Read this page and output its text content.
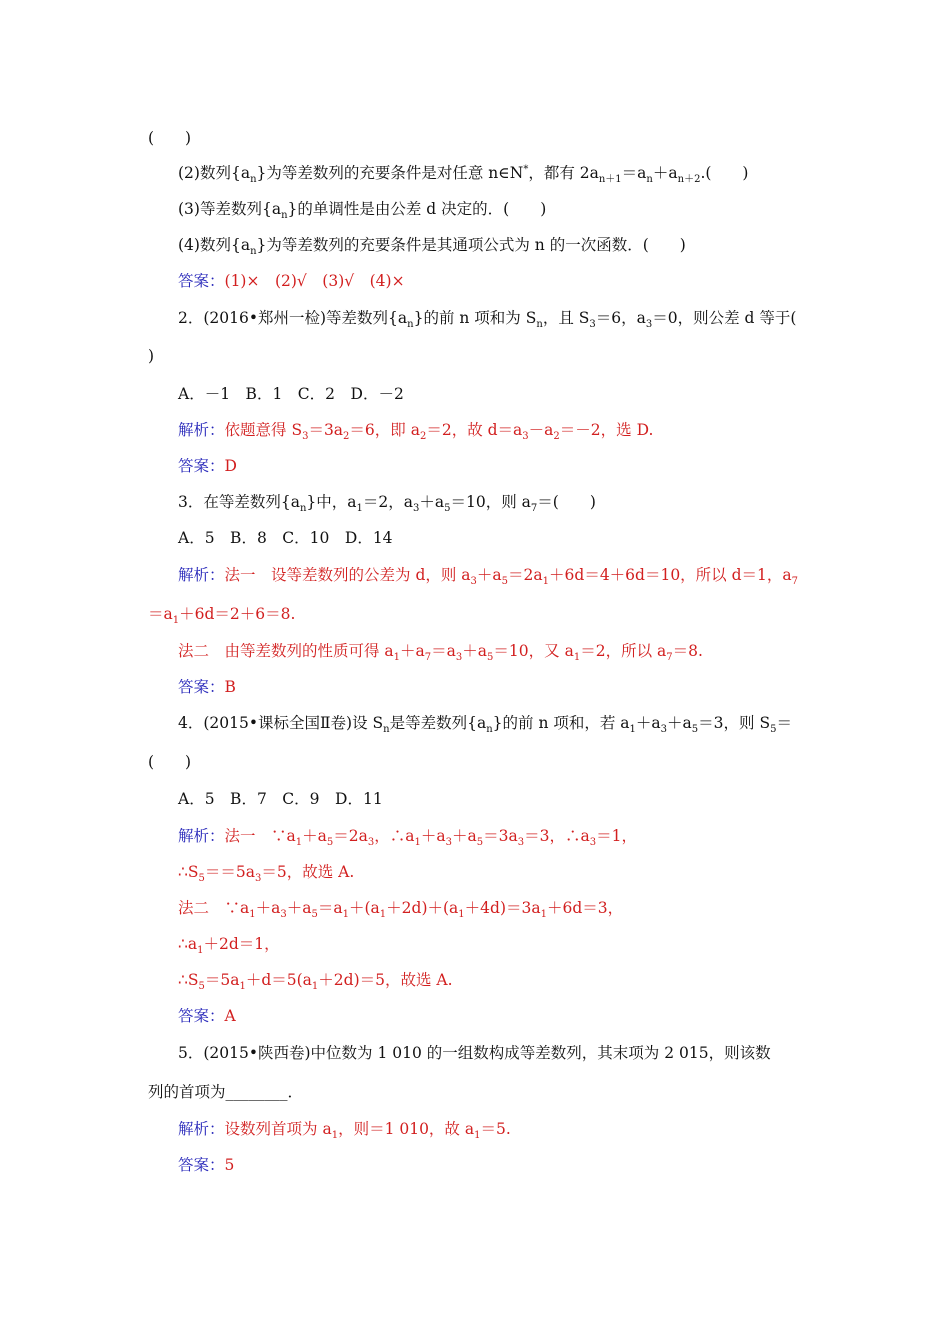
(　　)
(2)数列$\{a_n\}$为等差数列的充要条件是对任意 n∈N*，都有 $2a_{n+1}=a_n+a_{n+2}$.(　　)
(3)等差数列$\{a_n\}$的单调性是由公差 d 决定的．(　　)
(4)数列$\{a_n\}$为等差数列的充要条件是其通项公式为 n 的一次函数．(　　)
答案：(1)×　(2)√　(3)√　(4)×
2．(2016•郑州一检)等差数列$\{a_n\}$的前 n 项和为 $S_n$，且 $S_3=6$，$a_3=0$，则公差 d 等于(
)
A．－1　B．1　C．2　D．－2
解析：依题意得 $S_3=3a_2=6$，即 $a_2=2$，故 $d=a_3-a_2=-2$，选 D.
答案：D
3．在等差数列$\{a_n\}$中，$a_1=2$，$a_3+a_5=10$，则 $a_7=$(　　)
A．5　B．8　C．10　D．14
解析：法一　设等差数列的公差为 d，则 $a_3+a_5=2a_1+6d=4+6d=10$，所以 d＝1，$a_7$
$=a_1+6d=2+6=8$.
法二　由等差数列的性质可得 $a_1+a_7=a_3+a_5=10$，又 $a_1=2$，所以 $a_7=8$.
答案：B
4．(2015•课标全国Ⅱ卷)设 $S_n$是等差数列$\{a_n\}$的前 n 项和，若 $a_1+a_3+a_5=3$，则 $S_5=$
(　　)
A．5　B．7　C．9　D．11
解析：法一　$\because a_1+a_5=2a_3$，$\therefore a_1+a_3+a_5=3a_3=3$，$\therefore a_3=1$，
$\therefore S_5==5a_3=5$，故选 A.
法二　$\because a_1+a_3+a_5=a_1+(a_1+2d)+(a_1+4d)=3a_1+6d=3$，
$\therefore a_1+2d=1$，
$\therefore S_5=5a_1+d=5(a_1+2d)=5$，故选 A.
答案：A
5．(2015•陕西卷)中位数为 1 010 的一组数构成等差数列，其末项为 2 015，则该数
列的首项为________．
解析：设数列首项为 $a_1$，则＝1 010，故 $a_1=5$.
答案：5
